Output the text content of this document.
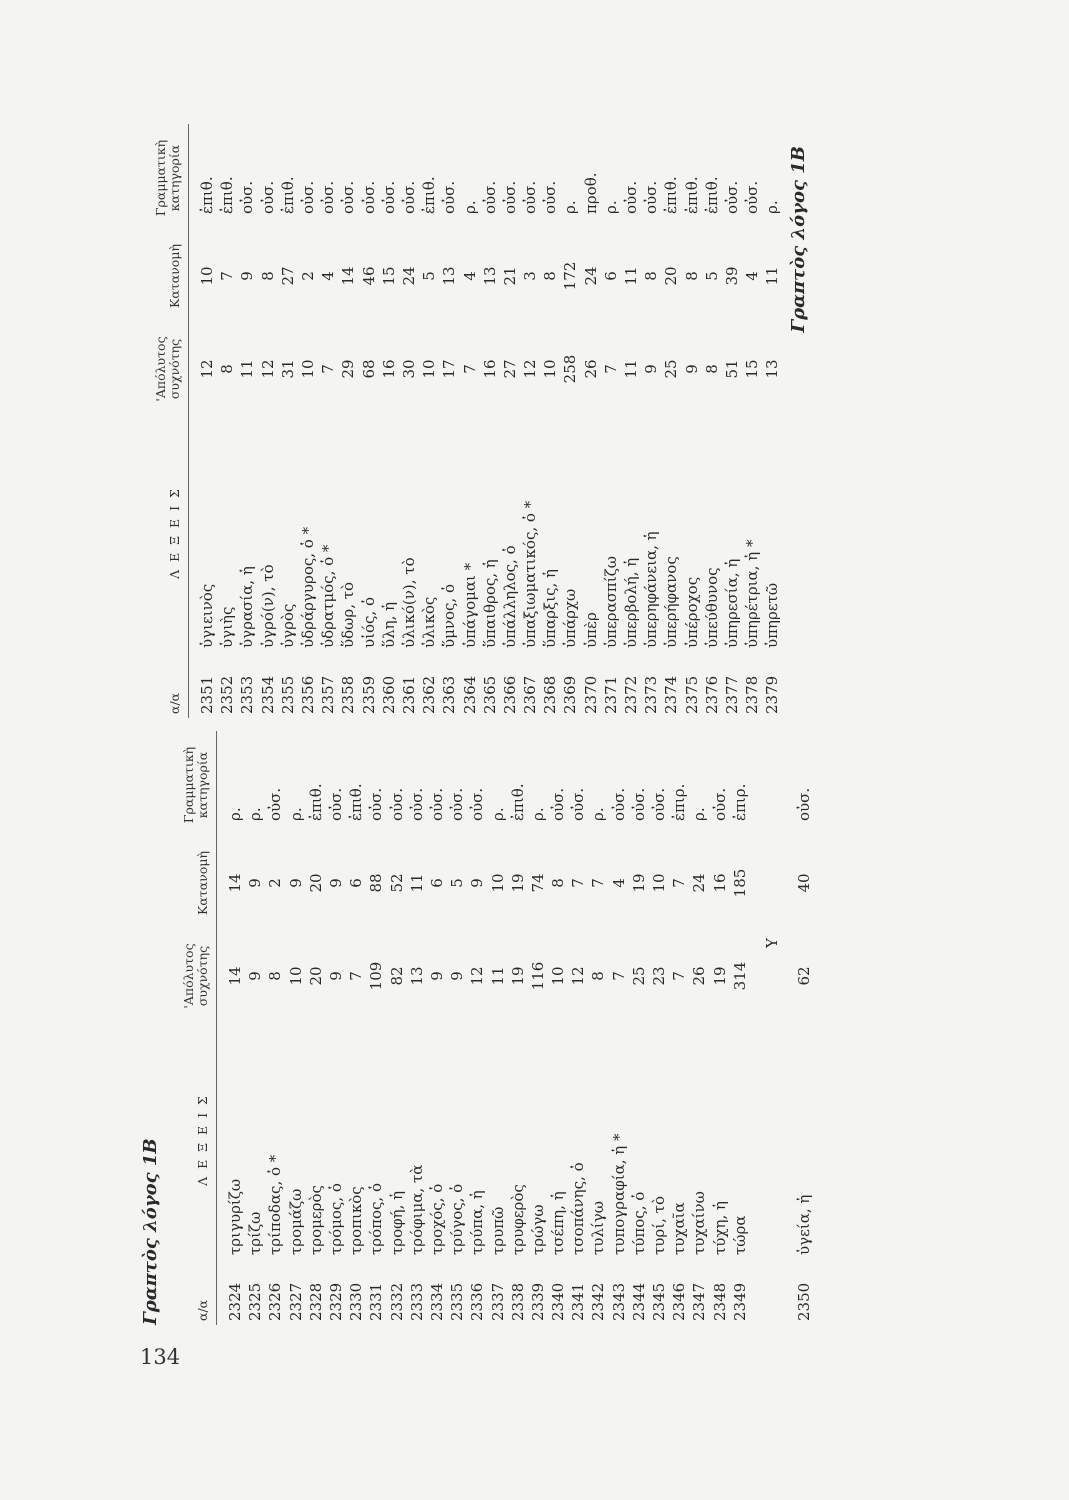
134
Γραπτὸς λόγος 1Β	α/α	Λ Ε Ξ Ε Ι Σ	'Απόλυτος
συχνότης	Κατανομὴ	Γραμματικὴ
κατηγορία
2324	τριγυρίζω	14	14	ρ.
2325	τρίζω	9	9	ρ.
2326	τρίποδας, ὁ *	8	2	οὐσ.
2327	τρομάζω	10	9	ρ.
2328	τρομερὸς	20	20	ἐπιθ.
2329	τρόμος, ὁ	9	9	οὐσ.
2330	τροπικὸς	7	6	ἐπιθ.
2331	τρόπος, ὁ	109	88	οὐσ.
2332	τροφή, ἡ	82	52	οὐσ.
2333	τρόφιμα, τὰ	13	11	οὐσ.
2334	τροχός, ὁ	9	6	οὐσ.
2335	τρύγος, ὁ	9	5	οὐσ.
2336	τρύπα, ἡ	12	9	οὐσ.
2337	τρυπῶ	11	10	ρ.
2338	τρυφερὸς	19	19	ἐπιθ.
2339	τρώγω	116	74	ρ.
2340	τσέπη, ἡ	10	8	οὐσ.
2341	τσοπάνης, ὁ	12	7	οὐσ.
2342	τυλίγω	8	7	ρ.
2343	τυπογραφία, ἡ *	7	4	οὐσ.
2344	τύπος, ὁ	25	19	οὐσ.
2345	τυρί, τὸ	23	10	οὐσ.
2346	τυχαῖα	7	7	ἐπιρ.
2347	τυχαίνω	26	24	ρ.
2348	τύχη, ἡ	19	16	οὐσ.
2349	τώρα	314	185	ἐπιρ.
Υ				
2350	ὑγεία, ἡ	62	40	οὐσ.
α/α	Λ Ε Ξ Ε Ι Σ	'Απόλυτος
συχνότης	Κατανομὴ	Γραμματικὴ
κατηγορία
2351	ὑγιεινὸς	12	10	ἐπιθ.
2352	ὑγιὴς	8	7	ἐπιθ.
2353	ὑγρασία, ἡ	11	9	οὐσ.
2354	ὑγρό(ν), τὸ	12	8	οὐσ.
2355	ὑγρὸς	31	27	ἐπιθ.
2356	ὑδράργυρος, ὁ *	10	2	οὐσ.
2357	ὑδρατμός, ὁ *	7	4	οὐσ.
2358	ὕδωρ, τὸ	29	14	οὐσ.
2359	υἱός, ὁ	68	46	οὐσ.
2360	ὕλη, ἡ	16	15	οὐσ.
2361	ὑλικό(ν), τὸ	30	24	οὐσ.
2362	ὑλικὸς	10	5	ἐπιθ.
2363	ὕμνος, ὁ	17	13	οὐσ.
2364	ὑπάγομαι *	7	4	ρ.
2365	ὕπαιθρος, ἡ	16	13	οὐσ.
2366	ὑπάλληλος, ὁ	27	21	οὐσ.
2367	ὑπαξιωματικός, ὁ *	12	3	οὐσ.
2368	ὕπαρξις, ἡ	10	8	οὐσ.
2369	ὑπάρχω	258	172	ρ.
2370	ὑπὲρ	26	24	προθ.
2371	ὑπερασπίζω	7	6	ρ.
2372	ὑπερβολή, ἡ	11	11	οὐσ.
2373	ὑπερηφάνεια, ἡ	9	8	οὐσ.
2374	ὑπερήφανος	25	20	ἐπιθ.
2375	ὑπέροχος	9	8	ἐπιθ.
2376	ὑπεύθυνος	8	5	ἐπιθ.
2377	ὑπηρεσία, ἡ	51	39	οὐσ.
2378	ὑπηρέτρια, ἡ *	15	4	οὐσ.
2379	ὑπηρετῶ	13	11	ρ. Γραπτὸς λόγος 1Β
